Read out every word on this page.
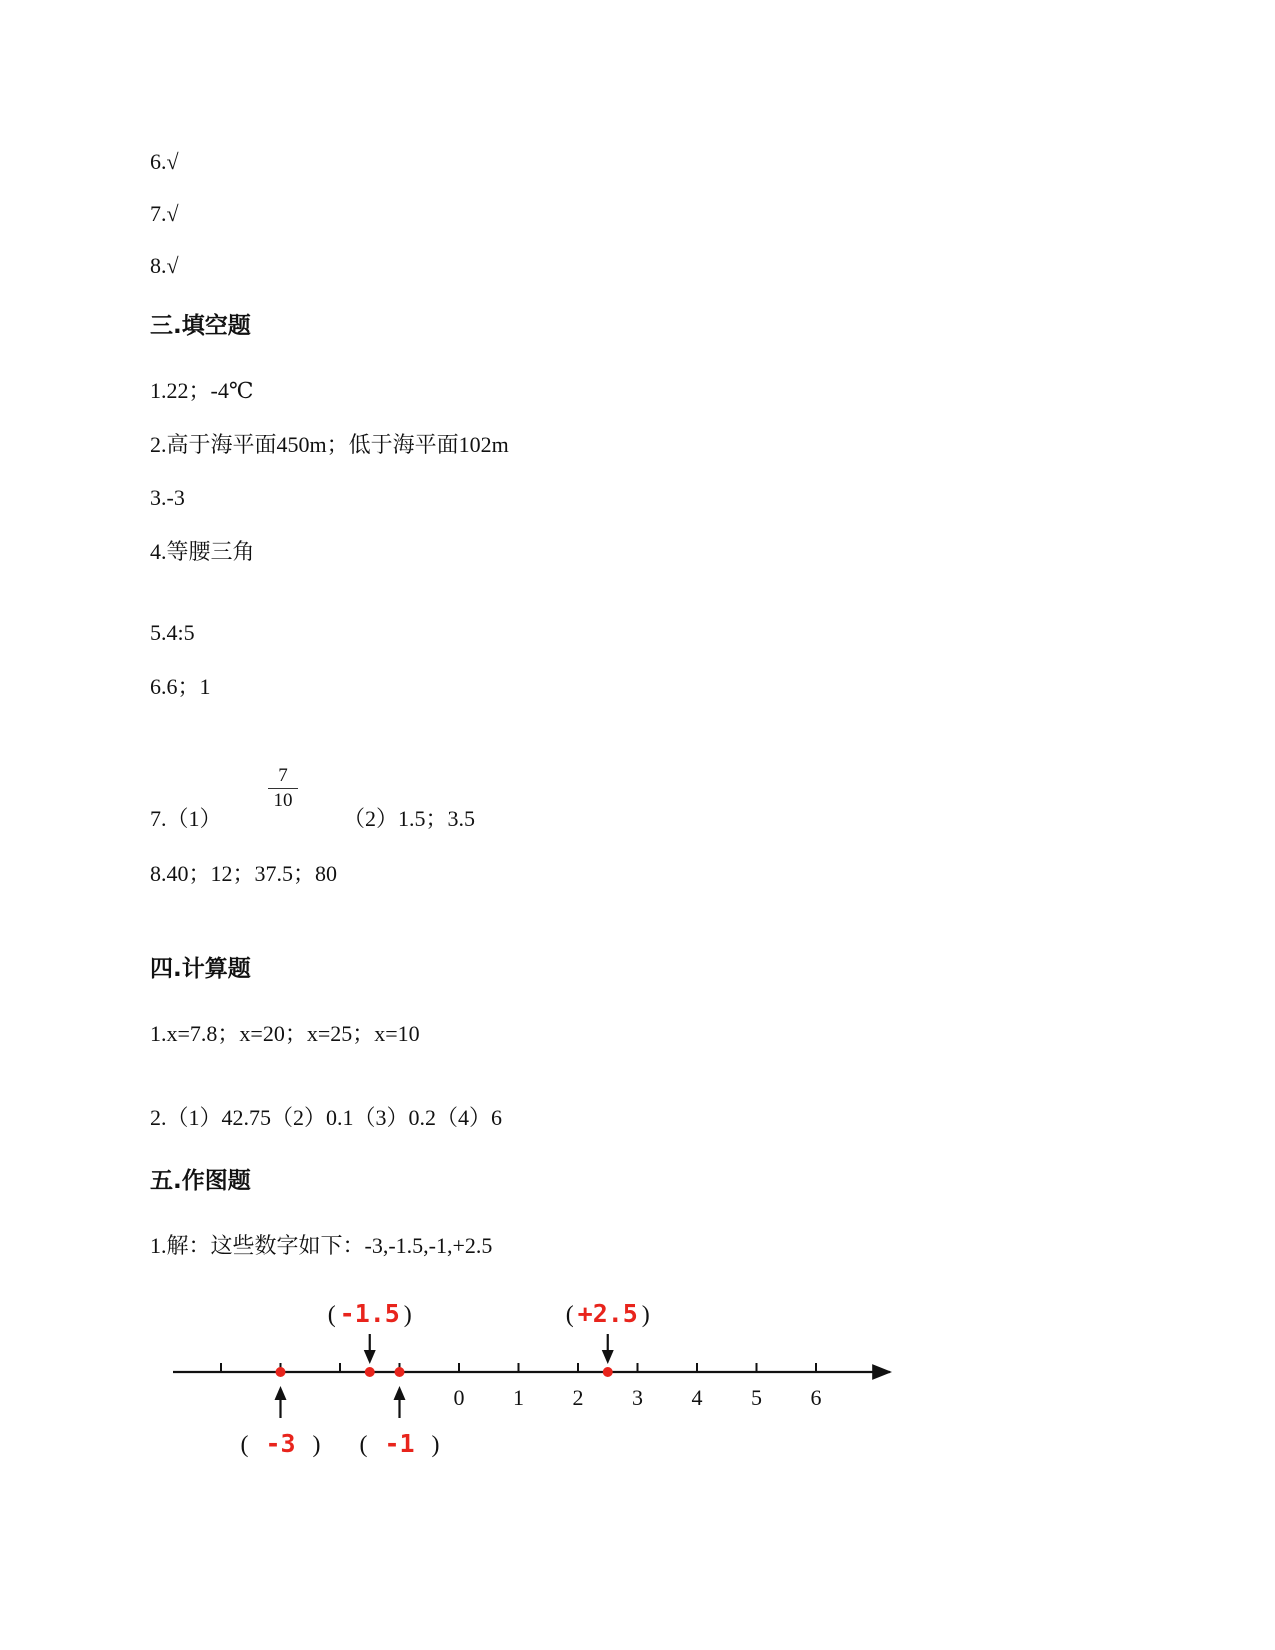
6.√
7.√
8.√
三.填空题
1.22；-4℃
2.高于海平面450m；低于海平面102m
3.-3
4.等腰三角
5.4:5
6.6；1
7.（1）
$\frac{7}{10}$
（2）1.5；3.5
8.40；12；37.5；80
四.计算题
1.x=7.8；x=20；x=25；x=10
2.（1）42.75（2）0.1（3）0.2（4）6
五.作图题
1.解：这些数字如下：-3,-1.5,-1,+2.5
0 1 2 3 4 5 6
( -3 )
( -1.5 )
( -1 )
( +2.5 )
